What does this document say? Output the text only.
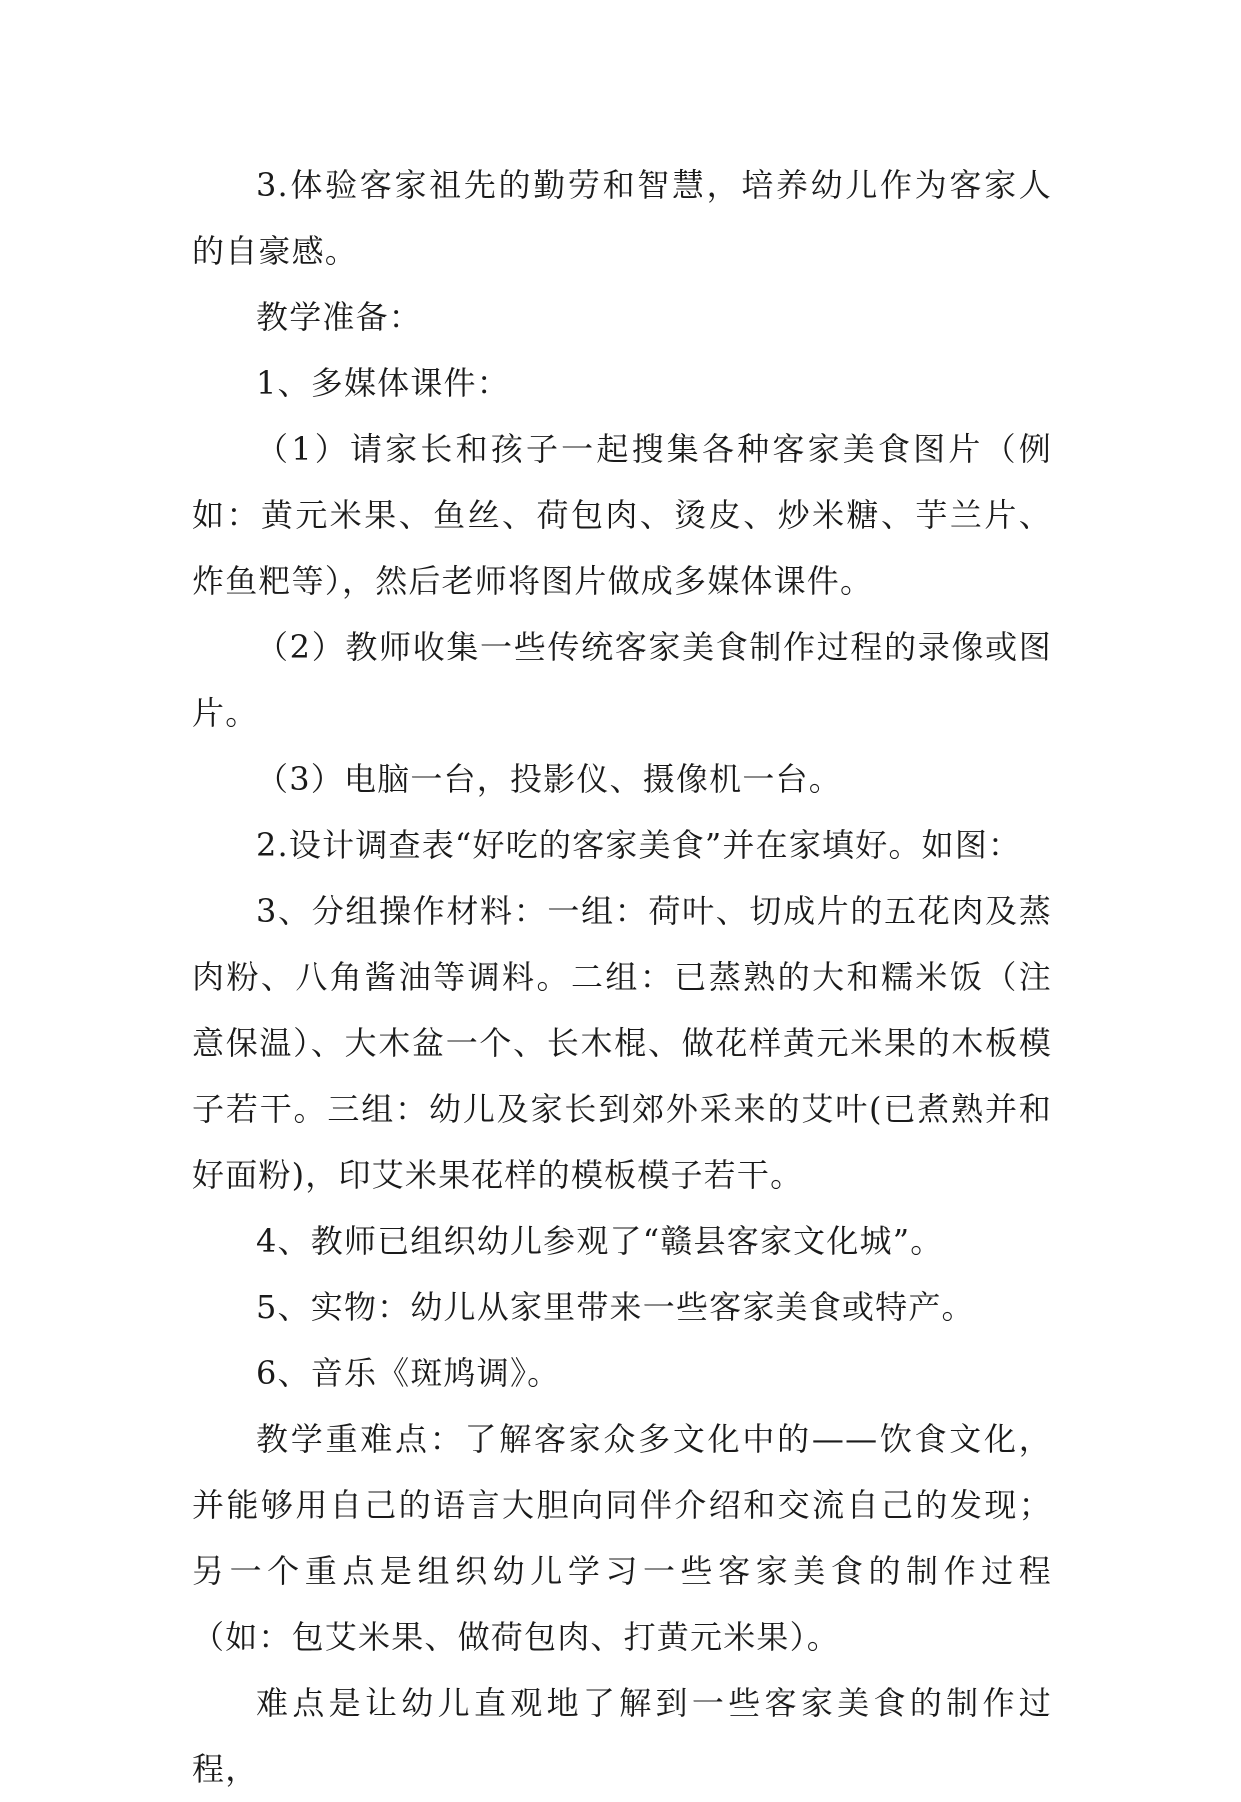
3.体验客家祖先的勤劳和智慧，培养幼儿作为客家人的自豪感。

教学准备：

1、多媒体课件：

（1）请家长和孩子一起搜集各种客家美食图片（例如：黄元米果、鱼丝、荷包肉、烫皮、炒米糖、芋兰片、炸鱼粑等），然后老师将图片做成多媒体课件。

（2）教师收集一些传统客家美食制作过程的录像或图片。

（3）电脑一台，投影仪、摄像机一台。

2.设计调查表“好吃的客家美食”并在家填好。如图：

3、分组操作材料：一组：荷叶、切成片的五花肉及蒸肉粉、八角酱油等调料。二组：已蒸熟的大和糯米饭（注意保温）、大木盆一个、长木棍、做花样黄元米果的木板模子若干。三组：幼儿及家长到郊外采来的艾叶(已煮熟并和好面粉)，印艾米果花样的模板模子若干。

4、教师已组织幼儿参观了“赣县客家文化城”。

5、实物：幼儿从家里带来一些客家美食或特产。

6、音乐《斑鸠调》。

教学重难点：了解客家众多文化中的——饮食文化，并能够用自己的语言大胆向同伴介绍和交流自己的发现；另一个重点是组织幼儿学习一些客家美食的制作过程（如：包艾米果、做荷包肉、打黄元米果）。

难点是让幼儿直观地了解到一些客家美食的制作过程，
